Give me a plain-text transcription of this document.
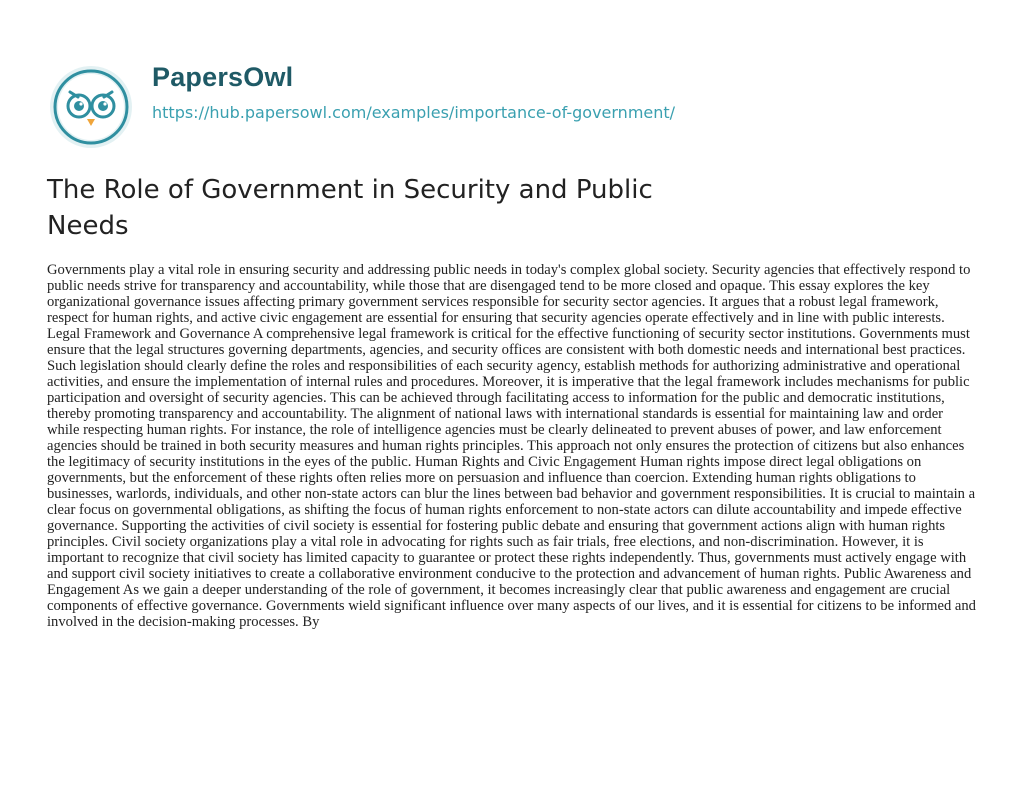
PapersOwl
https://hub.papersowl.com/examples/importance-of-government/
The Role of Government in Security and Public Needs

Governments play a vital role in ensuring security and addressing public needs in today's complex global society. Security agencies that effectively respond to public needs strive for transparency and accountability, while those that are disengaged tend to be more closed and opaque. This essay explores the key organizational governance issues affecting primary government services responsible for security sector agencies. It argues that a robust legal framework, respect for human rights, and active civic engagement are essential for ensuring that security agencies operate effectively and in line with public interests. Legal Framework and Governance A comprehensive legal framework is critical for the effective functioning of security sector institutions. Governments must ensure that the legal structures governing departments, agencies, and security offices are consistent with both domestic needs and international best practices. Such legislation should clearly define the roles and responsibilities of each security agency, establish methods for authorizing administrative and operational activities, and ensure the implementation of internal rules and procedures. Moreover, it is imperative that the legal framework includes mechanisms for public participation and oversight of security agencies. This can be achieved through facilitating access to information for the public and democratic institutions, thereby promoting transparency and accountability. The alignment of national laws with international standards is essential for maintaining law and order while respecting human rights. For instance, the role of intelligence agencies must be clearly delineated to prevent abuses of power, and law enforcement agencies should be trained in both security measures and human rights principles. This approach not only ensures the protection of citizens but also enhances the legitimacy of security institutions in the eyes of the public. Human Rights and Civic Engagement Human rights impose direct legal obligations on governments, but the enforcement of these rights often relies more on persuasion and influence than coercion. Extending human rights obligations to businesses, warlords, individuals, and other non-state actors can blur the lines between bad behavior and government responsibilities. It is crucial to maintain a clear focus on governmental obligations, as shifting the focus of human rights enforcement to non-state actors can dilute accountability and impede effective governance. Supporting the activities of civil society is essential for fostering public debate and ensuring that government actions align with human rights principles. Civil society organizations play a vital role in advocating for rights such as fair trials, free elections, and non-discrimination. However, it is important to recognize that civil society has limited capacity to guarantee or protect these rights independently. Thus, governments must actively engage with and support civil society initiatives to create a collaborative environment conducive to the protection and advancement of human rights. Public Awareness and Engagement As we gain a deeper understanding of the role of government, it becomes increasingly clear that public awareness and engagement are crucial components of effective governance. Governments wield significant influence over many aspects of our lives, and it is essential for citizens to be informed and involved in the decision-making processes. By
